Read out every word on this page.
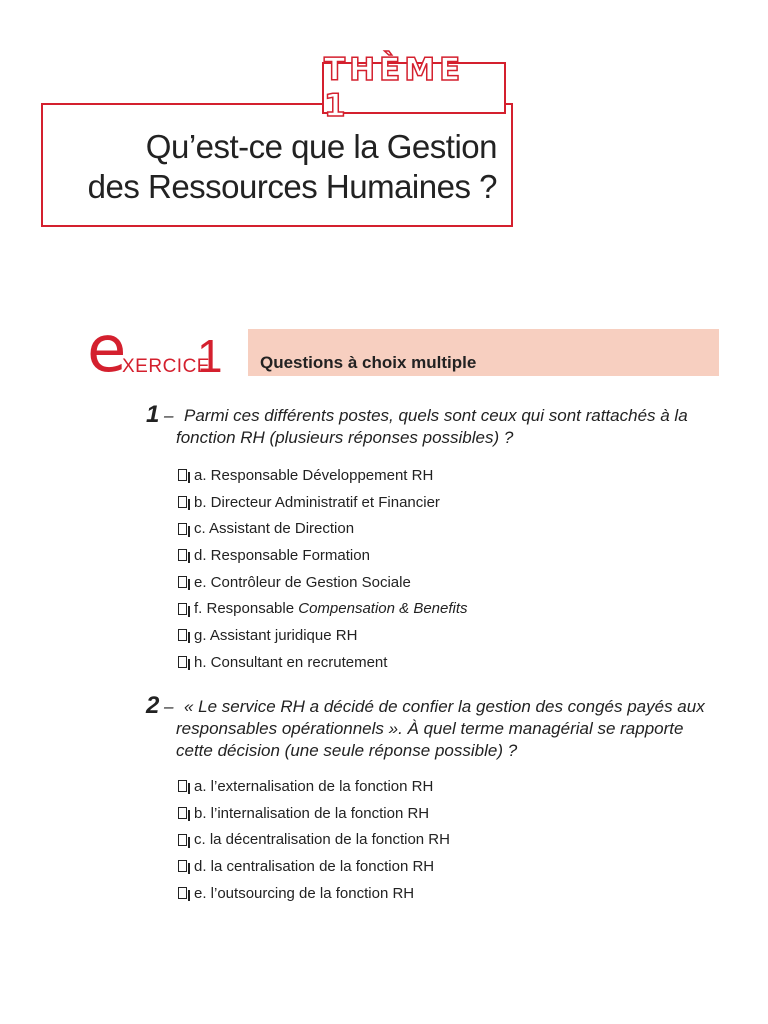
Qu’est-ce que la Gestion
des Ressources Humaines ?
THÈME 1
e
XERCICE
1 Questions à choix multiple
1 – Parmi ces différents postes, quels sont ceux qui sont rattachés à la fonction RH (plusieurs réponses possibles) ?
a. Responsable Développement RH
b. Directeur Administratif et Financier
c. Assistant de Direction
d. Responsable Formation
e. Contrôleur de Gestion Sociale
f. Responsable
Compensation & Benefits
g. Assistant juridique RH
h. Consultant en recrutement
2 – « Le service RH a décidé de confier la gestion des congés payés aux responsables opérationnels ». À quel terme managérial se rapporte cette décision (une seule réponse possible) ?
a. l’externalisation de la fonction RH
b. l’internalisation de la fonction RH
c. la décentralisation de la fonction RH
d. la centralisation de la fonction RH
e. l’outsourcing de la fonction RH
